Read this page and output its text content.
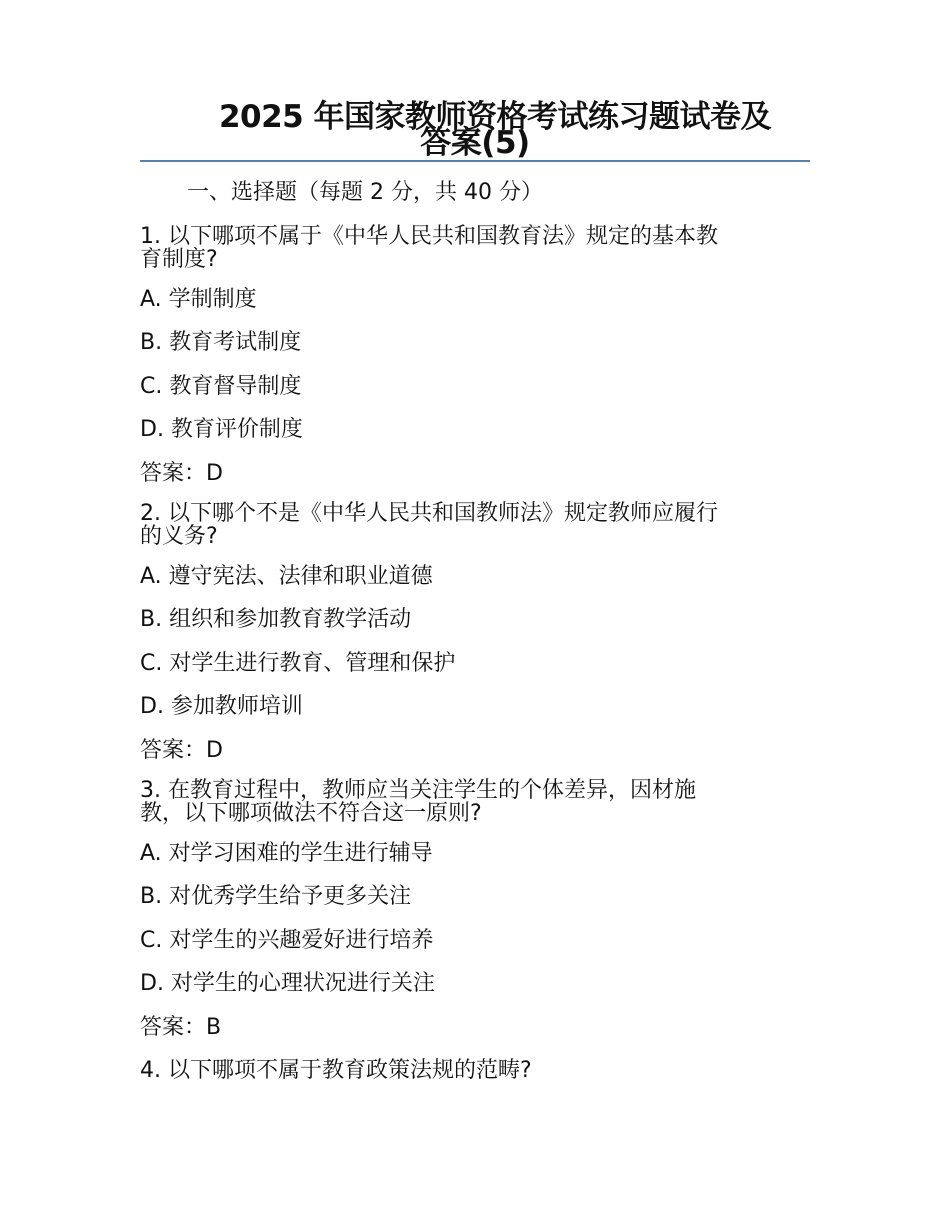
2025 年国家教师资格考试练习题试卷及
答案(5)
一、选择题（每题 2 分，共 40 分）
1. 以下哪项不属于《中华人民共和国教育法》规定的基本教
育制度?
A. 学制制度
B. 教育考试制度
C. 教育督导制度
D. 教育评价制度
答案：D
2. 以下哪个不是《中华人民共和国教师法》规定教师应履行
的义务?
A. 遵守宪法、法律和职业道德
B. 组织和参加教育教学活动
C. 对学生进行教育、管理和保护
D. 参加教师培训
答案：D
3. 在教育过程中，教师应当关注学生的个体差异，因材施
教，以下哪项做法不符合这一原则?
A. 对学习困难的学生进行辅导
B. 对优秀学生给予更多关注
C. 对学生的兴趣爱好进行培养
D. 对学生的心理状况进行关注
答案：B
4. 以下哪项不属于教育政策法规的范畴?
